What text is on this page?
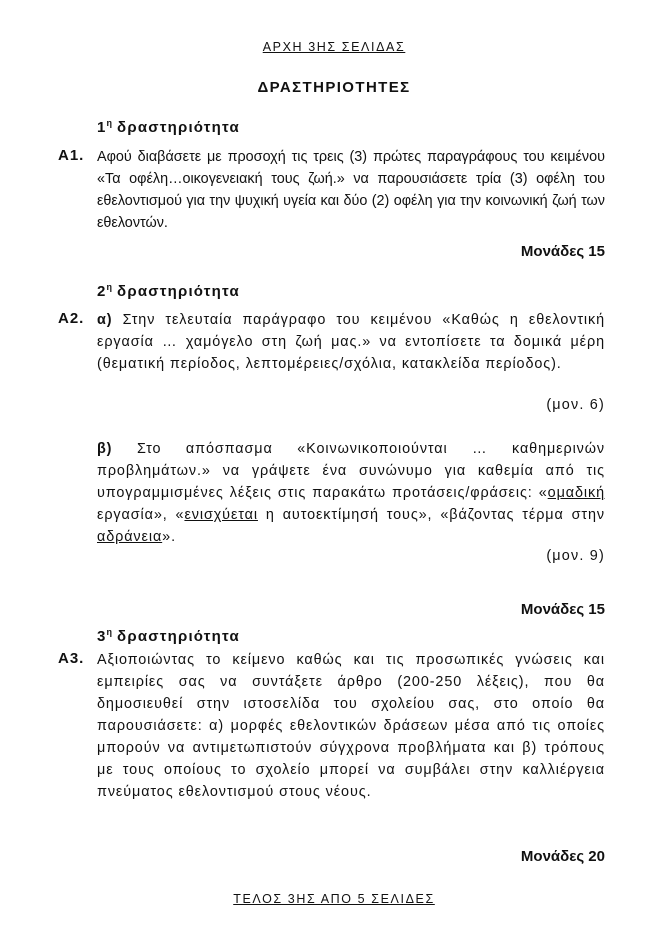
ΑΡΧΗ 3ΗΣ ΣΕΛΙΔΑΣ
ΔΡΑΣΤΗΡΙΟΤΗΤΕΣ
$1^\eta$ δραστηριότητα
Α1. Αφού διαβάσετε με προσοχή τις τρεις (3) πρώτες παραγράφους του κειμένου «Τα οφέλη…οικογενειακή τους ζωή.» να παρουσιάσετε τρία (3) οφέλη του εθελοντισμού για την ψυχική υγεία και δύο (2) οφέλη για την κοινωνική ζωή των εθελοντών.

Μονάδες 15
$2^\eta$ δραστηριότητα
Α2. α) Στην τελευταία παράγραφο του κειμένου «Καθώς η εθελοντική εργασία … χαμόγελο στη ζωή μας.» να εντοπίσετε τα δομικά μέρη (θεματική περίοδος, λεπτομέρειες/σχόλια, κατακλείδα περίοδος).

(μον. 6)

β) Στο απόσπασμα «Κοινωνικοποιούνται … καθημερινών προβλημάτων.» να γράψετε ένα συνώνυμο για καθεμία από τις υπογραμμισμένες λέξεις στις παρακάτω προτάσεις/φράσεις: «ομαδική εργασία», «ενισχύεται η αυτοεκτίμησή τους», «βάζοντας τέρμα στην αδράνεια».

(μον. 9)
Μονάδες 15
$3^\eta$ δραστηριότητα
Α3. Αξιοποιώντας το κείμενο καθώς και τις προσωπικές γνώσεις και εμπειρίες σας να συντάξετε άρθρο (200-250 λέξεις), που θα δημοσιευθεί στην ιστοσελίδα του σχολείου σας, στο οποίο θα παρουσιάσετε: α) μορφές εθελοντικών δράσεων μέσα από τις οποίες μπορούν να αντιμετωπιστούν σύγχρονα προβλήματα και β) τρόπους με τους οποίους το σχολείο μπορεί να συμβάλει στην καλλιέργεια πνεύματος εθελοντισμού στους νέους.

Μονάδες 20
ΤΕΛΟΣ 3ΗΣ ΑΠΟ 5 ΣΕΛΙΔΕΣ
